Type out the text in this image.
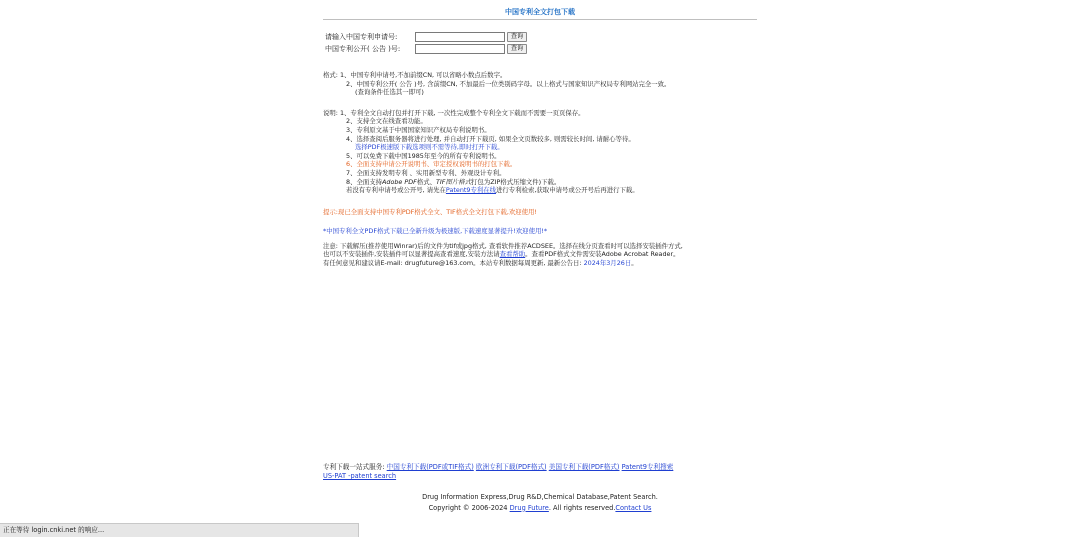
中国专利全文打包下载
请输入中国专利申请号:	查询
中国专利公开( 公告 )号:	查询
格式: 1、中国专利申请号,不加前缀CN, 可以省略小数点后数字。
2、中国专利公开( 公告 )号, 含前缀CN, 不加最后一位类别码字母。以上格式与国家知识产权局专利网站完全一致。
(查询条件任选其一即可)
说明: 1、专利全文自动打包并打开下载, 一次性完成整个专利全文下载而不需要一页页保存。
2、支持全文在线查看功能。
3、专利原文基于中国国家知识产权局专利说明书。
4、选择查阅后服务器将进行处理, 并自动打开下载页, 如果全文页数较多, 则需较长时间, 请耐心等待。
选择PDF极速版下载选项则不需等待,即时打开下载。
5、可以免费下载中国1985年至今的所有专利说明书。
6、全面支持申请公开说明书、审定授权说明书的打包下载。
7、全面支持发明专利 、实用新型专利、外观设计专利。
8、全面支持Adobe PDF格式、TIF图片格式打包为ZIP格式压缩文件)下载。
若没有专利申请号或公开号, 请先在Patent9专利在线进行专利检索,获取申请号或公开号后再进行下载。
提示:现已全面支持中国专利PDF格式全文、TIF格式全文打包下载,欢迎使用!
*中国专利全文PDF格式下载已全新升级为极速版,下载速度显著提升!欢迎使用!*
注意: 下载解压(推荐使用Winrar)后的文件为tif或jpg格式, 查看软件推荐ACDSEE。选择在线分页查看时可以选择安装插件方式,
也可以不安装插件,安装插件可以显著提高查看速度,安装方法请查看帮助。查看PDF格式文件需安装Adobe Acrobat Reader。
有任何意见和建议请E-mail: drugfuture@163.com。本站专利数据每周更新, 最新公告日: 2024年3月26日。
专利下载一站式服务: 中国专利下载(PDF或TIF格式) 欧洲专利下载(PDF格式) 美国专利下载(PDF格式) Patent9专利搜索
US-PAT -patent search
Drug Information Express,Drug R&D,Chemical Database,Patent Search.
Copyright © 2006-2024 Drug Future. All rights reserved.Contact Us
正在等待 login.cnki.net 的响应...
